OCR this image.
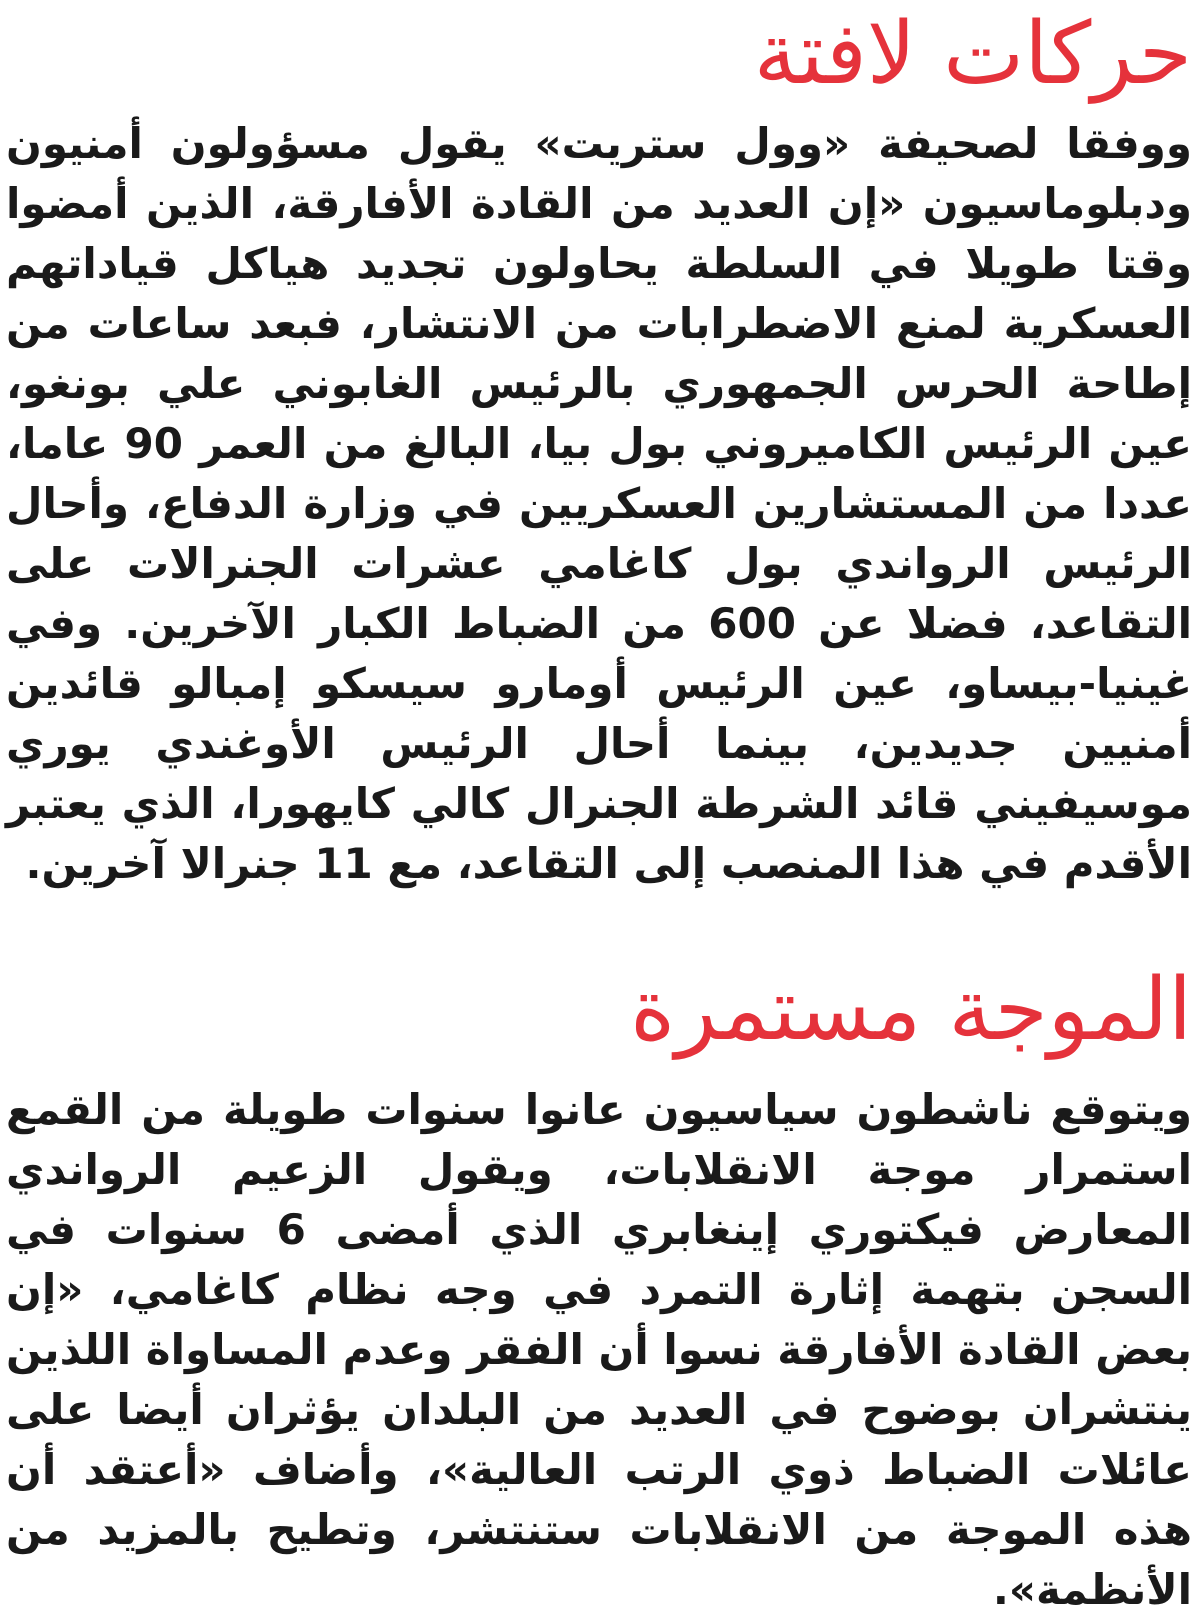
حركات لافتة

ووفقا لصحيفة «وول ستريت» يقول مسؤولون أمنيون ودبلوماسيون «إن العديد من القادة الأفارقة، الذين أمضوا وقتا طويلا في السلطة يحاولون تجديد هياكل قياداتهم العسكرية لمنع الاضطرابات من الانتشار، فبعد ساعات من إطاحة الحرس الجمهوري بالرئيس الغابوني علي بونغو، عين الرئيس الكاميروني بول بيا، البالغ من العمر 90 عاما، عددا من المستشارين العسكريين في وزارة الدفاع، وأحال الرئيس الرواندي بول كاغامي عشرات الجنرالات على التقاعد، فضلا عن 600 من الضباط الكبار الآخرين. وفي غينيا-بيساو، عين الرئيس أومارو سيسكو إمبالو قائدين أمنيين جديدين، بينما أحال الرئيس الأوغندي يوري موسيفيني قائد الشرطة الجنرال كالي كايهورا، الذي يعتبر الأقدم في هذا المنصب إلى التقاعد، مع 11 جنرالا آخرين.

الموجة مستمرة

ويتوقع ناشطون سياسيون عانوا سنوات طويلة من القمع استمرار موجة الانقلابات، ويقول الزعيم الرواندي المعارض فيكتوري إينغابري الذي أمضى 6 سنوات في السجن بتهمة إثارة التمرد في وجه نظام كاغامي، «إن بعض القادة الأفارقة نسوا أن الفقر وعدم المساواة اللذين ينتشران بوضوح في العديد من البلدان يؤثران أيضا على عائلات الضباط ذوي الرتب العالية»، وأضاف «أعتقد أن هذه الموجة من الانقلابات ستنتشر، وتطيح بالمزيد من الأنظمة».
